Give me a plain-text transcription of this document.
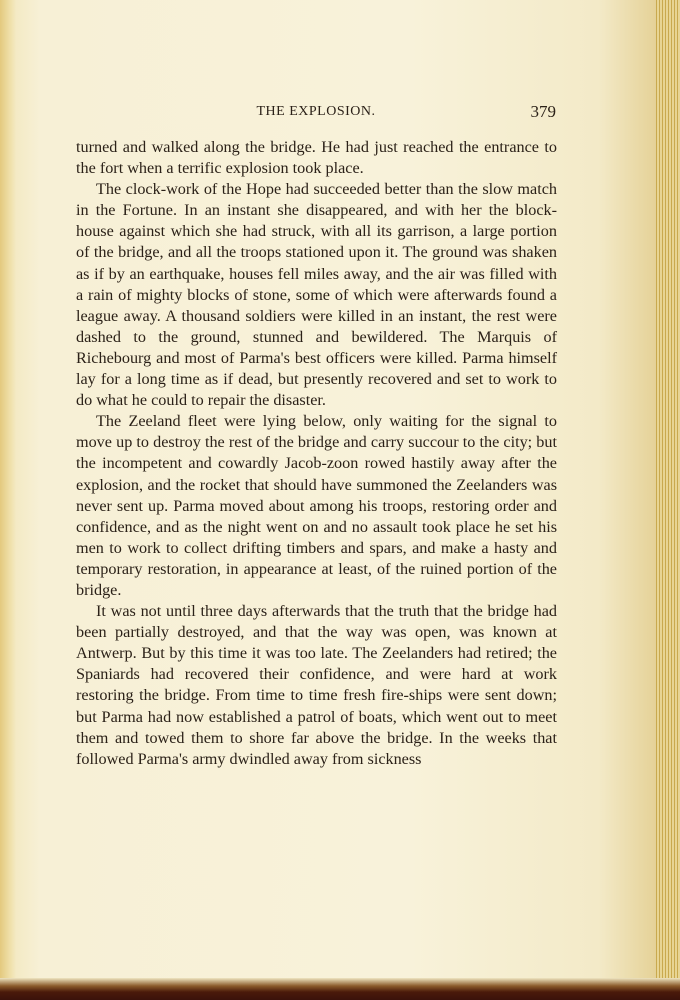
THE EXPLOSION.	379

turned and walked along the bridge. He had just reached the entrance to the fort when a terrific explosion took place.

The clock-work of the Hope had succeeded better than the slow match in the Fortune. In an instant she disappeared, and with her the block-house against which she had struck, with all its garrison, a large portion of the bridge, and all the troops stationed upon it. The ground was shaken as if by an earthquake, houses fell miles away, and the air was filled with a rain of mighty blocks of stone, some of which were afterwards found a league away. A thousand soldiers were killed in an instant, the rest were dashed to the ground, stunned and bewildered. The Marquis of Richebourg and most of Parma's best officers were killed. Parma himself lay for a long time as if dead, but presently recovered and set to work to do what he could to repair the disaster.

The Zeeland fleet were lying below, only waiting for the signal to move up to destroy the rest of the bridge and carry succour to the city; but the incompetent and cowardly Jacob-zoon rowed hastily away after the explosion, and the rocket that should have summoned the Zeelanders was never sent up. Parma moved about among his troops, restoring order and confidence, and as the night went on and no assault took place he set his men to work to collect drifting timbers and spars, and make a hasty and temporary restoration, in appearance at least, of the ruined portion of the bridge.

It was not until three days afterwards that the truth that the bridge had been partially destroyed, and that the way was open, was known at Antwerp. But by this time it was too late. The Zeelanders had retired; the Spaniards had recovered their confidence, and were hard at work restoring the bridge. From time to time fresh fire-ships were sent down; but Parma had now established a patrol of boats, which went out to meet them and towed them to shore far above the bridge. In the weeks that followed Parma's army dwindled away from sickness
